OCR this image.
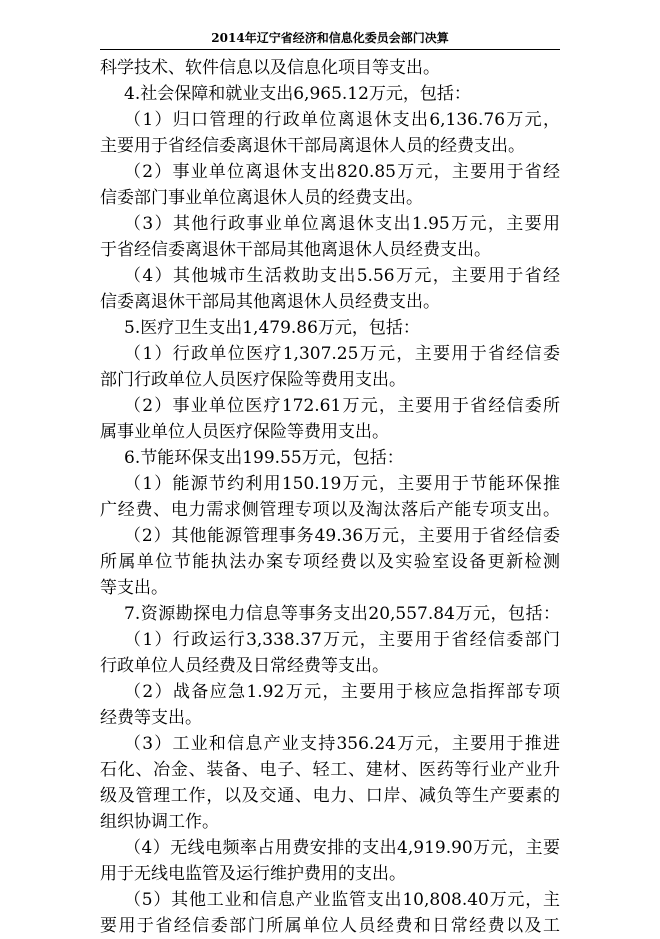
2014年辽宁省经济和信息化委员会部门决算
科学技术、软件信息以及信息化项目等支出。
4.社会保障和就业支出6,965.12万元，包括：
（1）归口管理的行政单位离退休支出6,136.76万元，
主要用于省经信委离退休干部局离退休人员的经费支出。
（2）事业单位离退休支出820.85万元，主要用于省经
信委部门事业单位离退休人员的经费支出。
（3）其他行政事业单位离退休支出1.95万元，主要用
于省经信委离退休干部局其他离退休人员经费支出。
（4）其他城市生活救助支出5.56万元，主要用于省经
信委离退休干部局其他离退休人员经费支出。
5.医疗卫生支出1,479.86万元，包括：
（1）行政单位医疗1,307.25万元，主要用于省经信委
部门行政单位人员医疗保险等费用支出。
（2）事业单位医疗172.61万元，主要用于省经信委所
属事业单位人员医疗保险等费用支出。
6.节能环保支出199.55万元，包括：
（1）能源节约利用150.19万元，主要用于节能环保推
广经费、电力需求侧管理专项以及淘汰落后产能专项支出。
（2）其他能源管理事务49.36万元，主要用于省经信委
所属单位节能执法办案专项经费以及实验室设备更新检测
等支出。
7.资源勘探电力信息等事务支出20,557.84万元，包括：
（1）行政运行3,338.37万元，主要用于省经信委部门
行政单位人员经费及日常经费等支出。
（2）战备应急1.92万元，主要用于核应急指挥部专项
经费等支出。
（3）工业和信息产业支持356.24万元，主要用于推进
石化、冶金、装备、电子、轻工、建材、医药等行业产业升
级及管理工作，以及交通、电力、口岸、减负等生产要素的
组织协调工作。
（4）无线电频率占用费安排的支出4,919.90万元，主要
用于无线电监管及运行维护费用的支出。
（5）其他工业和信息产业监管支出10,808.40万元，主
要用于省经信委部门所属单位人员经费和日常经费以及工
